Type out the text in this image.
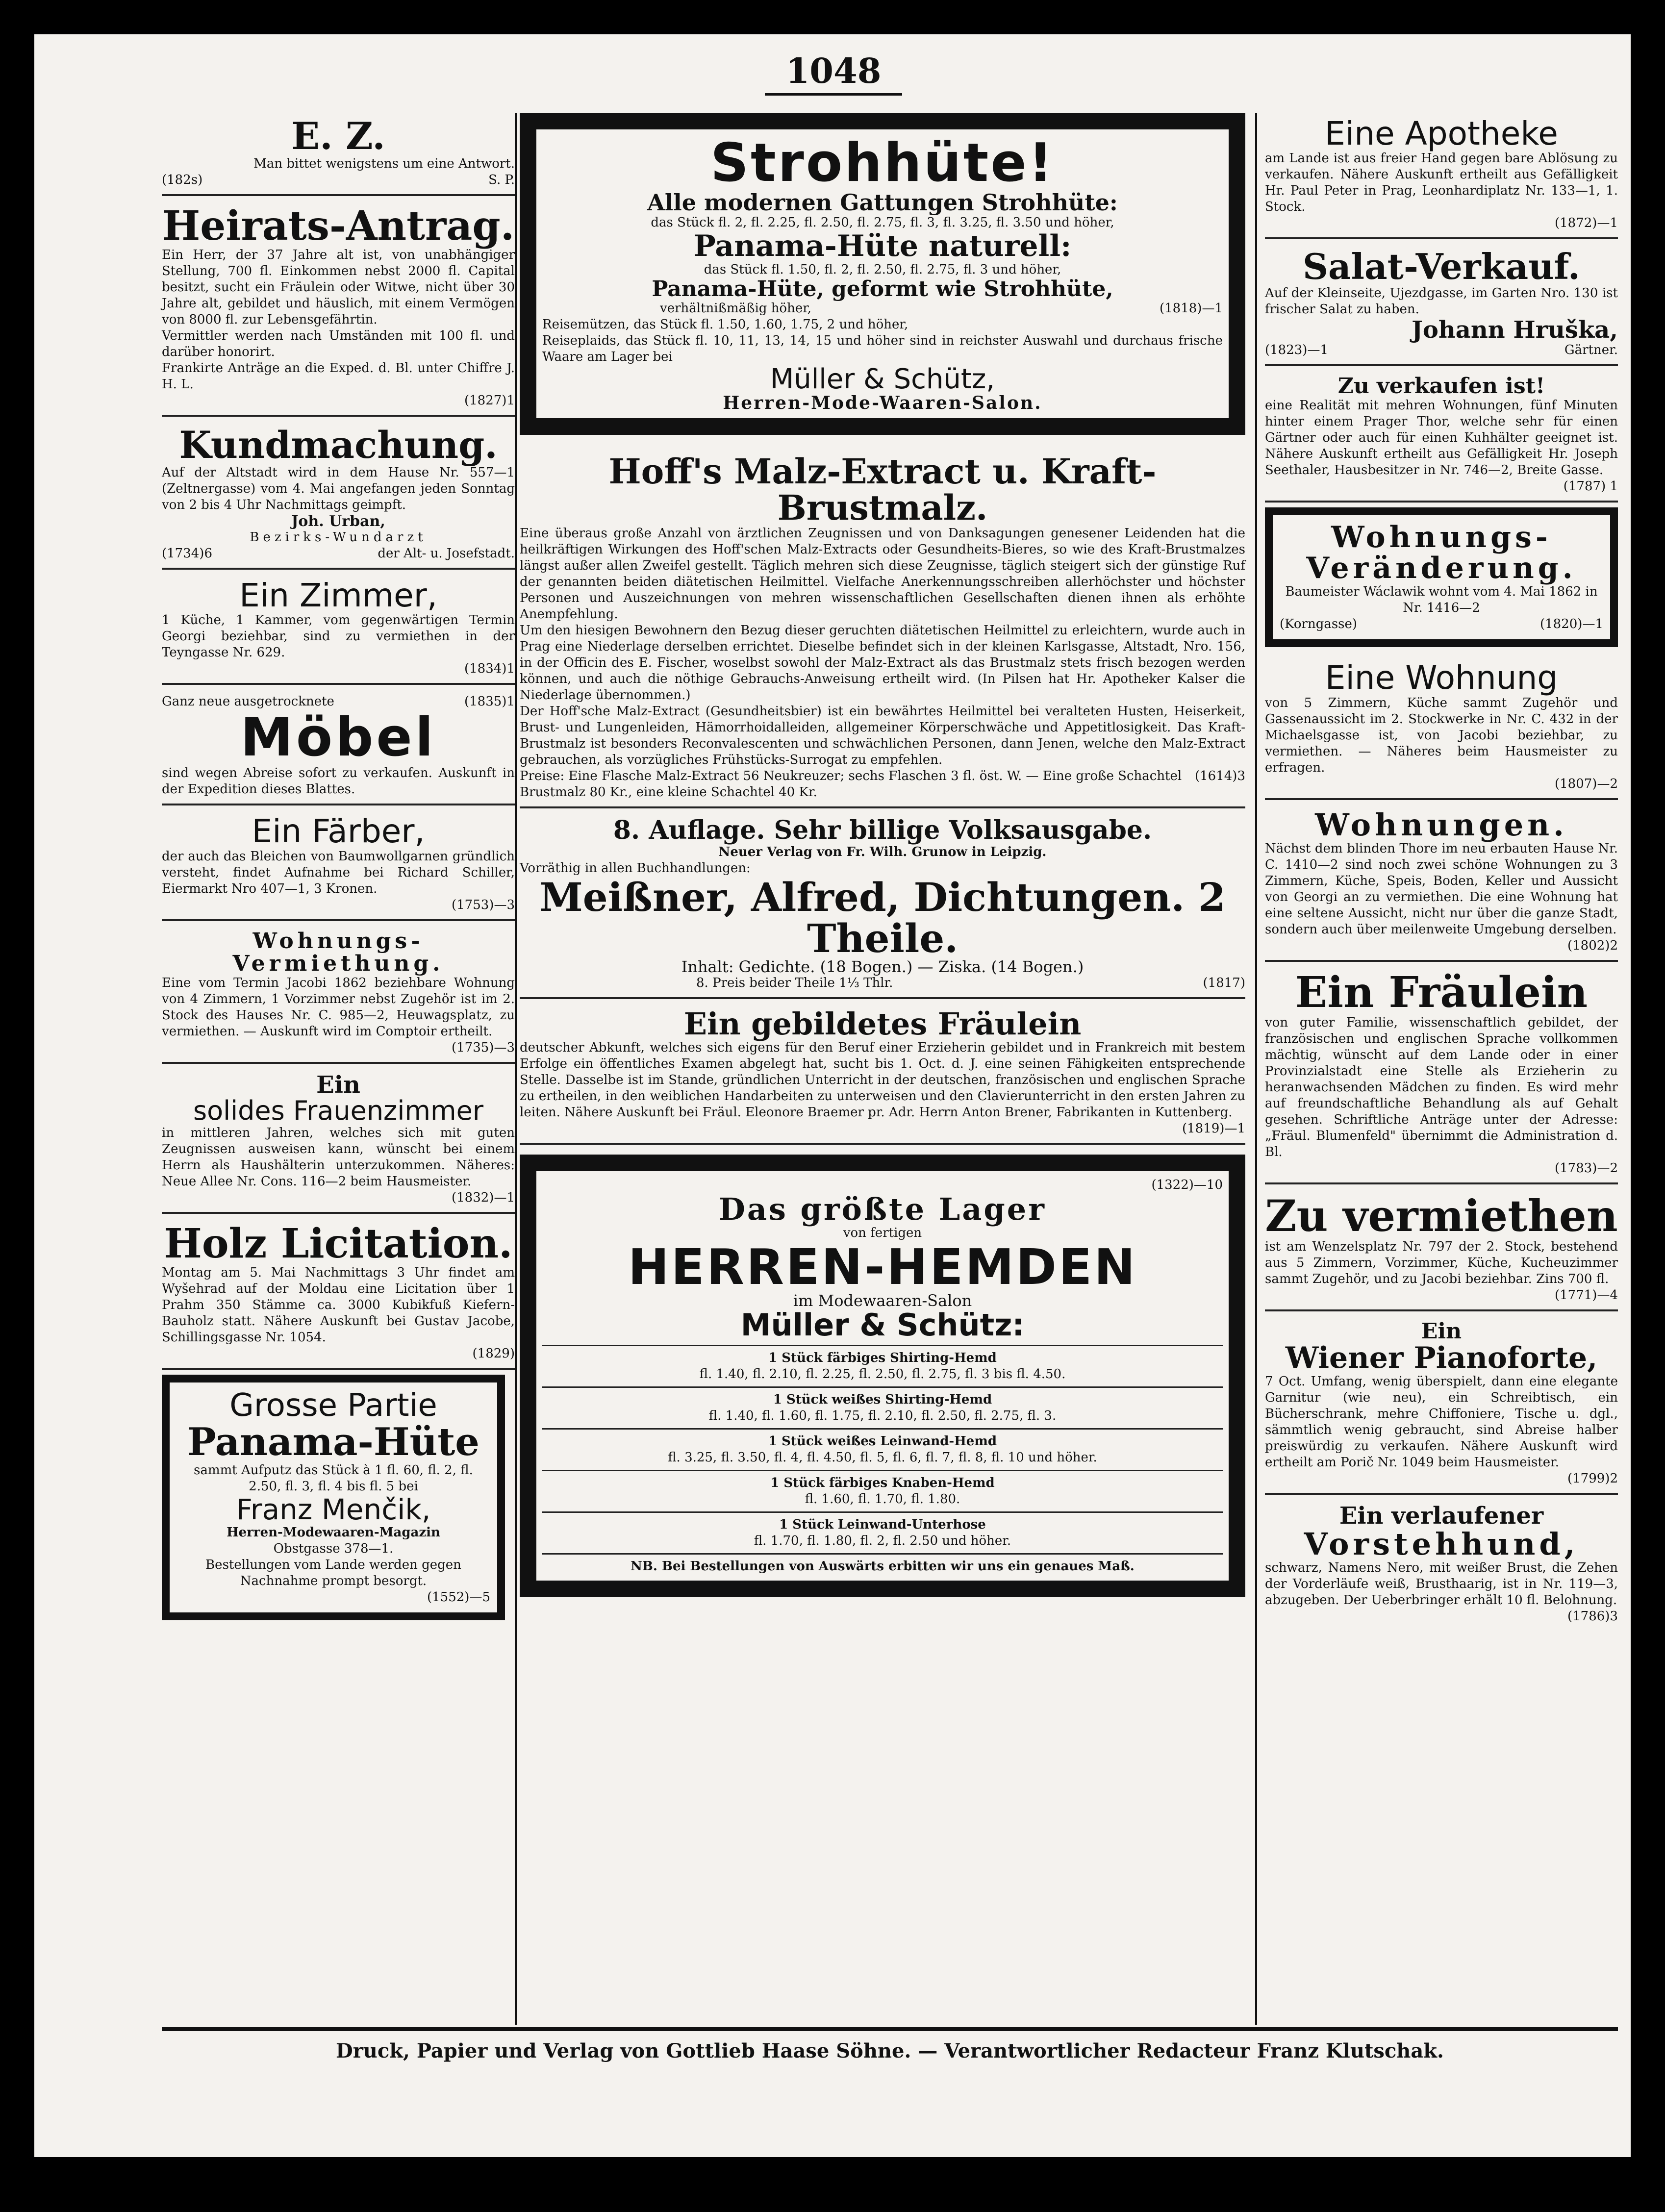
1048
E. Z.
Man bittet wenigstens um eine Antwort.
(182s)	S. P.
Heirats-Antrag.
Ein Herr, der 37 Jahre alt ist, von unabhängiger Stellung, 700 fl. Einkommen nebst 2000 fl. Capital besitzt, sucht ein Fräulein oder Witwe, nicht über 30 Jahre alt, gebildet und häuslich, mit einem Vermögen von 8000 fl. zur Lebensgefährtin.
Vermittler werden nach Umständen mit 100 fl. und darüber honorirt.
Frankirte Anträge an die Exped. d. Bl. unter Chiffre J. H. L.
(1827)1
Kundmachung.
Auf der Altstadt wird in dem Hause Nr. 557—1 (Zeltnergasse) vom 4. Mai angefangen jeden Sonntag von 2 bis 4 Uhr Nachmittags geimpft.
Joh. Urban,
Bezirks-Wundarzt
(1734)6	der Alt- u. Josefstadt.
Ein Zimmer,
1 Küche, 1 Kammer, vom gegenwärtigen Termin Georgi beziehbar, sind zu vermiethen in der Teyngasse Nr. 629.
(1834)1
Ganz neue ausgetrocknete	(1835)1
Möbel
sind wegen Abreise sofort zu verkaufen. Auskunft in der Expedition dieses Blattes.
Ein Färber,
der auch das Bleichen von Baumwollgarnen gründlich versteht, findet Aufnahme bei Richard Schiller, Eiermarkt Nro 407—1, 3 Kronen.
(1753)—3
Wohnungs-
Vermiethung.
Eine vom Termin Jacobi 1862 beziehbare Wohnung von 4 Zimmern, 1 Vorzimmer nebst Zugehör ist im 2. Stock des Hauses Nr. C. 985—2, Heuwagsplatz, zu vermiethen. — Auskunft wird im Comptoir ertheilt.
(1735)—3
Ein
solides Frauenzimmer
in mittleren Jahren, welches sich mit guten Zeugnissen ausweisen kann, wünscht bei einem Herrn als Haushälterin unterzukommen. Näheres: Neue Allee Nr. Cons. 116—2 beim Hausmeister.
(1832)—1
Holz Licitation.
Montag am 5. Mai Nachmittags 3 Uhr findet am Wyšehrad auf der Moldau eine Licitation über 1 Prahm 350 Stämme ca. 3000 Kubikfuß Kiefern-Bauholz statt. Nähere Auskunft bei Gustav Jacobe, Schillingsgasse Nr. 1054.
(1829)
Grosse Partie
Panama-Hüte
sammt Aufputz das Stück à 1 fl. 60, fl. 2, fl. 2.50, fl. 3, fl. 4 bis fl. 5 bei
Franz Menčik,
Herren-Modewaaren-Magazin
Obstgasse 378—1.
Bestellungen vom Lande werden gegen Nachnahme prompt besorgt.
(1552)—5
Strohhüte!
Alle modernen Gattungen Strohhüte:
das Stück fl. 2, fl. 2.25, fl. 2.50, fl. 2.75, fl. 3, fl. 3.25, fl. 3.50 und höher,
Panama-Hüte naturell:
das Stück fl. 1.50, fl. 2, fl. 2.50, fl. 2.75, fl. 3 und höher,
Panama-Hüte, geformt wie Strohhüte,
verhältnißmäßig höher,	(1818)—1
Reisemützen, das Stück fl. 1.50, 1.60, 1.75, 2 und höher,
Reiseplaids, das Stück fl. 10, 11, 13, 14, 15 und höher sind in reichster Auswahl und durchaus frische Waare am Lager bei
Müller & Schütz,
Herren-Mode-Waaren-Salon.
Hoff's Malz-Extract u. Kraft-Brustmalz.
Eine überaus große Anzahl von ärztlichen Zeugnissen und von Danksagungen genesener Leidenden hat die heilkräftigen Wirkungen des Hoff'schen Malz-Extracts oder Gesundheits-Bieres, so wie des Kraft-Brustmalzes längst außer allen Zweifel gestellt. Täglich mehren sich diese Zeugnisse, täglich steigert sich der günstige Ruf der genannten beiden diätetischen Heilmittel. Vielfache Anerkennungsschreiben allerhöchster und höchster Personen und Auszeichnungen von mehren wissenschaftlichen Gesellschaften dienen ihnen als erhöhte Anempfehlung.
Um den hiesigen Bewohnern den Bezug dieser geruchten diätetischen Heilmittel zu erleichtern, wurde auch in Prag eine Niederlage derselben errichtet. Dieselbe befindet sich in der kleinen Karlsgasse, Altstadt, Nro. 156, in der Officin des E. Fischer, woselbst sowohl der Malz-Extract als das Brustmalz stets frisch bezogen werden können, und auch die nöthige Gebrauchs-Anweisung ertheilt wird. (In Pilsen hat Hr. Apotheker Kalser die Niederlage übernommen.)
Der Hoff'sche Malz-Extract (Gesundheitsbier) ist ein bewährtes Heilmittel bei veralteten Husten, Heiserkeit, Brust- und Lungenleiden, Hämorrhoidalleiden, allgemeiner Körperschwäche und Appetitlosigkeit. Das Kraft-Brustmalz ist besonders Reconvalescenten und schwächlichen Personen, dann Jenen, welche den Malz-Extract gebrauchen, als vorzügliches Frühstücks-Surrogat zu empfehlen.
Preise: Eine Flasche Malz-Extract 56 Neukreuzer; sechs Flaschen 3 fl. öst. W. — Eine große Schachtel Brustmalz 80 Kr., eine kleine Schachtel 40 Kr.
(1614)3
8. Auflage. Sehr billige Volksausgabe.
Neuer Verlag von Fr. Wilh. Grunow in Leipzig.
Vorräthig in allen Buchhandlungen:
Meißner, Alfred, Dichtungen. 2 Theile.
Inhalt: Gedichte. (18 Bogen.) — Ziska. (14 Bogen.)
8. Preis beider Theile 1⅓ Thlr.	(1817)
Ein gebildetes Fräulein
deutscher Abkunft, welches sich eigens für den Beruf einer Erzieherin gebildet und in Frankreich mit bestem Erfolge ein öffentliches Examen abgelegt hat, sucht bis 1. Oct. d. J. eine seinen Fähigkeiten entsprechende Stelle. Dasselbe ist im Stande, gründlichen Unterricht in der deutschen, französischen und englischen Sprache zu ertheilen, in den weiblichen Handarbeiten zu unterweisen und den Clavierunterricht in den ersten Jahren zu leiten. Nähere Auskunft bei Fräul. Eleonore Braemer pr. Adr. Herrn Anton Brener, Fabrikanten in Kuttenberg.
(1819)—1
(1322)—10
Das größte Lager
von fertigen
HERREN-HEMDEN
im Modewaaren-Salon
Müller & Schütz:
1 Stück färbiges Shirting-Hemd
fl. 1.40, fl. 2.10, fl. 2.25, fl. 2.50, fl. 2.75, fl. 3 bis fl. 4.50.
1 Stück weißes Shirting-Hemd
fl. 1.40, fl. 1.60, fl. 1.75, fl. 2.10, fl. 2.50, fl. 2.75, fl. 3.
1 Stück weißes Leinwand-Hemd
fl. 3.25, fl. 3.50, fl. 4, fl. 4.50, fl. 5, fl. 6, fl. 7, fl. 8, fl. 10 und höher.
1 Stück färbiges Knaben-Hemd
fl. 1.60, fl. 1.70, fl. 1.80.
1 Stück Leinwand-Unterhose
fl. 1.70, fl. 1.80, fl. 2, fl. 2.50 und höher.
NB. Bei Bestellungen von Auswärts erbitten wir uns ein genaues Maß.
Eine Apotheke
am Lande ist aus freier Hand gegen bare Ablösung zu verkaufen. Nähere Auskunft ertheilt aus Gefälligkeit Hr. Paul Peter in Prag, Leonhardiplatz Nr. 133—1, 1. Stock.
(1872)—1
Salat-Verkauf.
Auf der Kleinseite, Ujezdgasse, im Garten Nro. 130 ist frischer Salat zu haben.
Johann Hruška,
(1823)—1	Gärtner.
Zu verkaufen ist!
eine Realität mit mehren Wohnungen, fünf Minuten hinter einem Prager Thor, welche sehr für einen Gärtner oder auch für einen Kuhhälter geeignet ist. Nähere Auskunft ertheilt aus Gefälligkeit Hr. Joseph Seethaler, Hausbesitzer in Nr. 746—2, Breite Gasse.
(1787) 1
Wohnungs-
Veränderung.
Baumeister Wáclawik wohnt vom 4. Mai 1862 in Nr. 1416—2
(Korngasse)	(1820)—1
Eine Wohnung
von 5 Zimmern, Küche sammt Zugehör und Gassenaussicht im 2. Stockwerke in Nr. C. 432 in der Michaelsgasse ist, von Jacobi beziehbar, zu vermiethen. — Näheres beim Hausmeister zu erfragen.
(1807)—2
Wohnungen.
Nächst dem blinden Thore im neu erbauten Hause Nr. C. 1410—2 sind noch zwei schöne Wohnungen zu 3 Zimmern, Küche, Speis, Boden, Keller und Aussicht von Georgi an zu vermiethen. Die eine Wohnung hat eine seltene Aussicht, nicht nur über die ganze Stadt, sondern auch über meilenweite Umgebung derselben.
(1802)2
Ein Fräulein
von guter Familie, wissenschaftlich gebildet, der französischen und englischen Sprache vollkommen mächtig, wünscht auf dem Lande oder in einer Provinzialstadt eine Stelle als Erzieherin zu heranwachsenden Mädchen zu finden. Es wird mehr auf freundschaftliche Behandlung als auf Gehalt gesehen. Schriftliche Anträge unter der Adresse: „Fräul. Blumenfeld" übernimmt die Administration d. Bl.
(1783)—2
Zu vermiethen
ist am Wenzelsplatz Nr. 797 der 2. Stock, bestehend aus 5 Zimmern, Vorzimmer, Küche, Kucheuzimmer sammt Zugehör, und zu Jacobi beziehbar. Zins 700 fl.
(1771)—4
Ein
Wiener Pianoforte,
7 Oct. Umfang, wenig überspielt, dann eine elegante Garnitur (wie neu), ein Schreibtisch, ein Bücherschrank, mehre Chiffoniere, Tische u. dgl., sämmtlich wenig gebraucht, sind Abreise halber preiswürdig zu verkaufen. Nähere Auskunft wird ertheilt am Porič Nr. 1049 beim Hausmeister.
(1799)2
Ein verlaufener
Vorstehhund,
schwarz, Namens Nero, mit weißer Brust, die Zehen der Vorderläufe weiß, Brusthaarig, ist in Nr. 119—3, abzugeben. Der Ueberbringer erhält 10 fl. Belohnung.
(1786)3
Druck, Papier und Verlag von Gottlieb Haase Söhne. — Verantwortlicher Redacteur Franz Klutschak.
